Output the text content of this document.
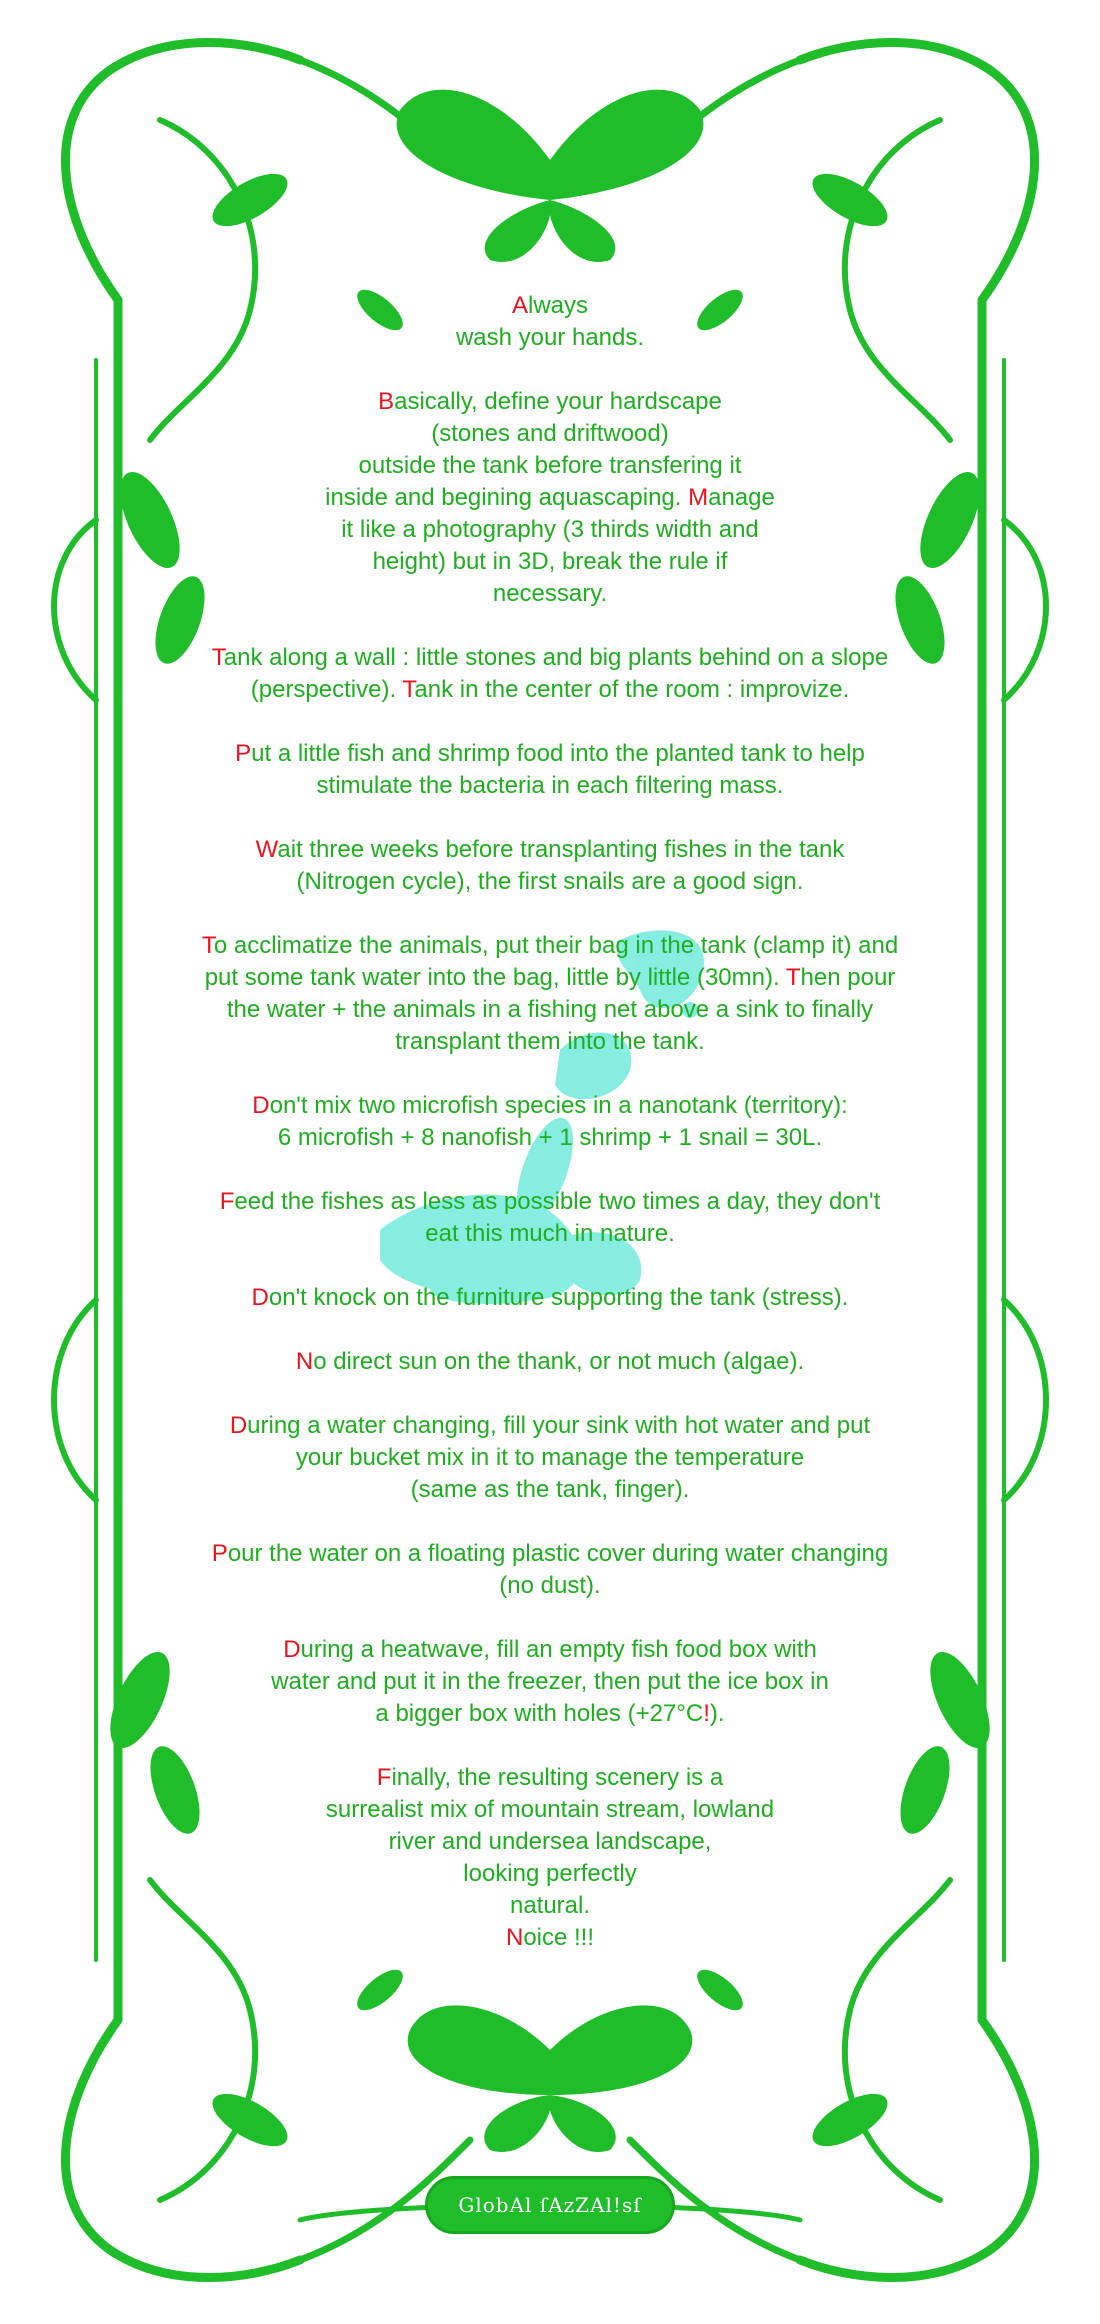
Always
wash your hands.
Basically, define your hardscape
(stones and driftwood)
outside the tank before transfering it
inside and begining aquascaping. Manage
it like a photography (3 thirds width and
height) but in 3D, break the rule if
necessary.
Tank along a wall : little stones and big plants behind on a slope
(perspective). Tank in the center of the room : improvize.
Put a little fish and shrimp food into the planted tank to help
stimulate the bacteria in each filtering mass.
Wait three weeks before transplanting fishes in the tank
(Nitrogen cycle), the first snails are a good sign.
To acclimatize the animals, put their bag in the tank (clamp it) and
put some tank water into the bag, little by little (30mn). Then pour
the water + the animals in a fishing net above a sink to finally
transplant them into the tank.
Don't mix two microfish species in a nanotank (territory):
6 microfish + 8 nanofish + 1 shrimp + 1 snail = 30L.
Feed the fishes as less as possible two times a day, they don't
eat this much in nature.
Don't knock on the furniture supporting the tank (stress).
No direct sun on the thank, or not much (algae).
During a water changing, fill your sink with hot water and put
your bucket mix in it to manage the temperature
(same as the tank, finger).
Pour the water on a floating plastic cover during water changing
(no dust).
During a heatwave, fill an empty fish food box with
water and put it in the freezer, then put the ice box in
a bigger box with holes (+27°C!).
Finally, the resulting scenery is a
surrealist mix of mountain stream, lowland
river and undersea landscape,
looking perfectly
natural.
Noice !!!
GlobAl ſAzZAl!sſ
